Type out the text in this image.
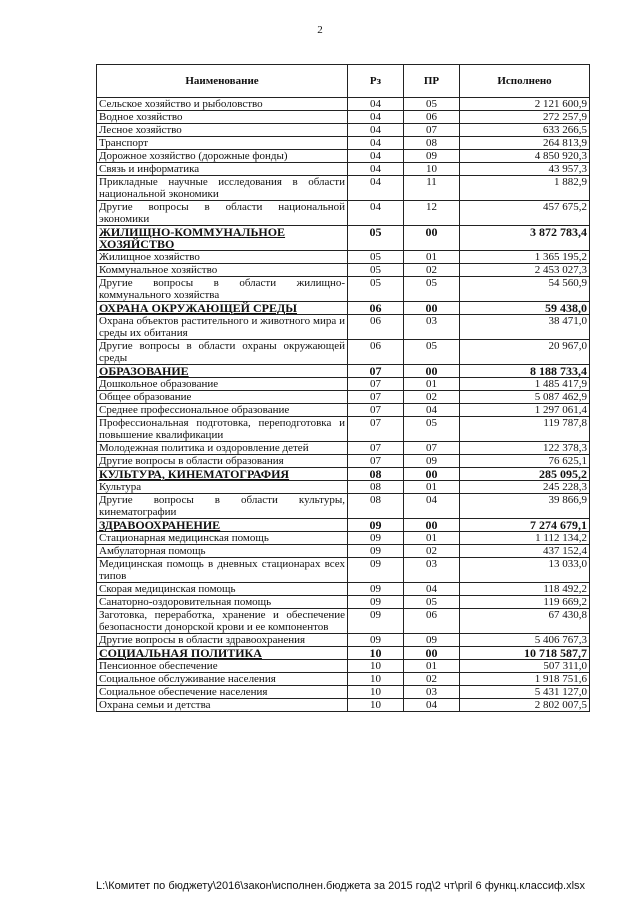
2
Наименование	Рз	ПР	Исполнено
Сельское хозяйство и рыболовство	04	05	2 121 600,9
Водное хозяйство	04	06	272 257,9
Лесное хозяйство	04	07	633 266,5
Транспорт	04	08	264 813,9
Дорожное хозяйство (дорожные фонды)	04	09	4 850 920,3
Связь и информатика	04	10	43 957,3
Прикладные научные исследования в области национальной экономики	04	11	1 882,9
Другие вопросы в области национальной экономики	04	12	457 675,2
ЖИЛИЩНО-КОММУНАЛЬНОЕ ХОЗЯЙСТВО	05	00	3 872 783,4
Жилищное хозяйство	05	01	1 365 195,2
Коммунальное хозяйство	05	02	2 453 027,3
Другие вопросы в области жилищно-коммунального хозяйства	05	05	54 560,9
ОХРАНА ОКРУЖАЮЩЕЙ СРЕДЫ	06	00	59 438,0
Охрана объектов растительного и животного мира и среды их обитания	06	03	38 471,0
Другие вопросы в области охраны окружающей среды	06	05	20 967,0
ОБРАЗОВАНИЕ	07	00	8 188 733,4
Дошкольное образование	07	01	1 485 417,9
Общее образование	07	02	5 087 462,9
Среднее профессиональное образование	07	04	1 297 061,4
Профессиональная подготовка, переподготовка и повышение квалификации	07	05	119 787,8
Молодежная политика и оздоровление детей	07	07	122 378,3
Другие вопросы в области образования	07	09	76 625,1
КУЛЬТУРА, КИНЕМАТОГРАФИЯ	08	00	285 095,2
Культура	08	01	245 228,3
Другие вопросы в области культуры, кинематографии	08	04	39 866,9
ЗДРАВООХРАНЕНИЕ	09	00	7 274 679,1
Стационарная медицинская помощь	09	01	1 112 134,2
Амбулаторная помощь	09	02	437 152,4
Медицинская помощь в дневных стационарах всех типов	09	03	13 033,0
Скорая медицинская помощь	09	04	118 492,2
Санаторно-оздоровительная помощь	09	05	119 669,2
Заготовка, переработка, хранение и обеспечение безопасности донорской крови и ее компонентов	09	06	67 430,8
Другие вопросы в области здравоохранения	09	09	5 406 767,3
СОЦИАЛЬНАЯ ПОЛИТИКА	10	00	10 718 587,7
Пенсионное обеспечение	10	01	507 311,0
Социальное обслуживание населения	10	02	1 918 751,6
Социальное обеспечение населения	10	03	5 431 127,0
Охрана семьи и детства	10	04	2 802 007,5
L:\Комитет по бюджету\2016\закон\исполнен.бюджета за 2015 год\2 чт\pril 6 функц.классиф.xlsx
